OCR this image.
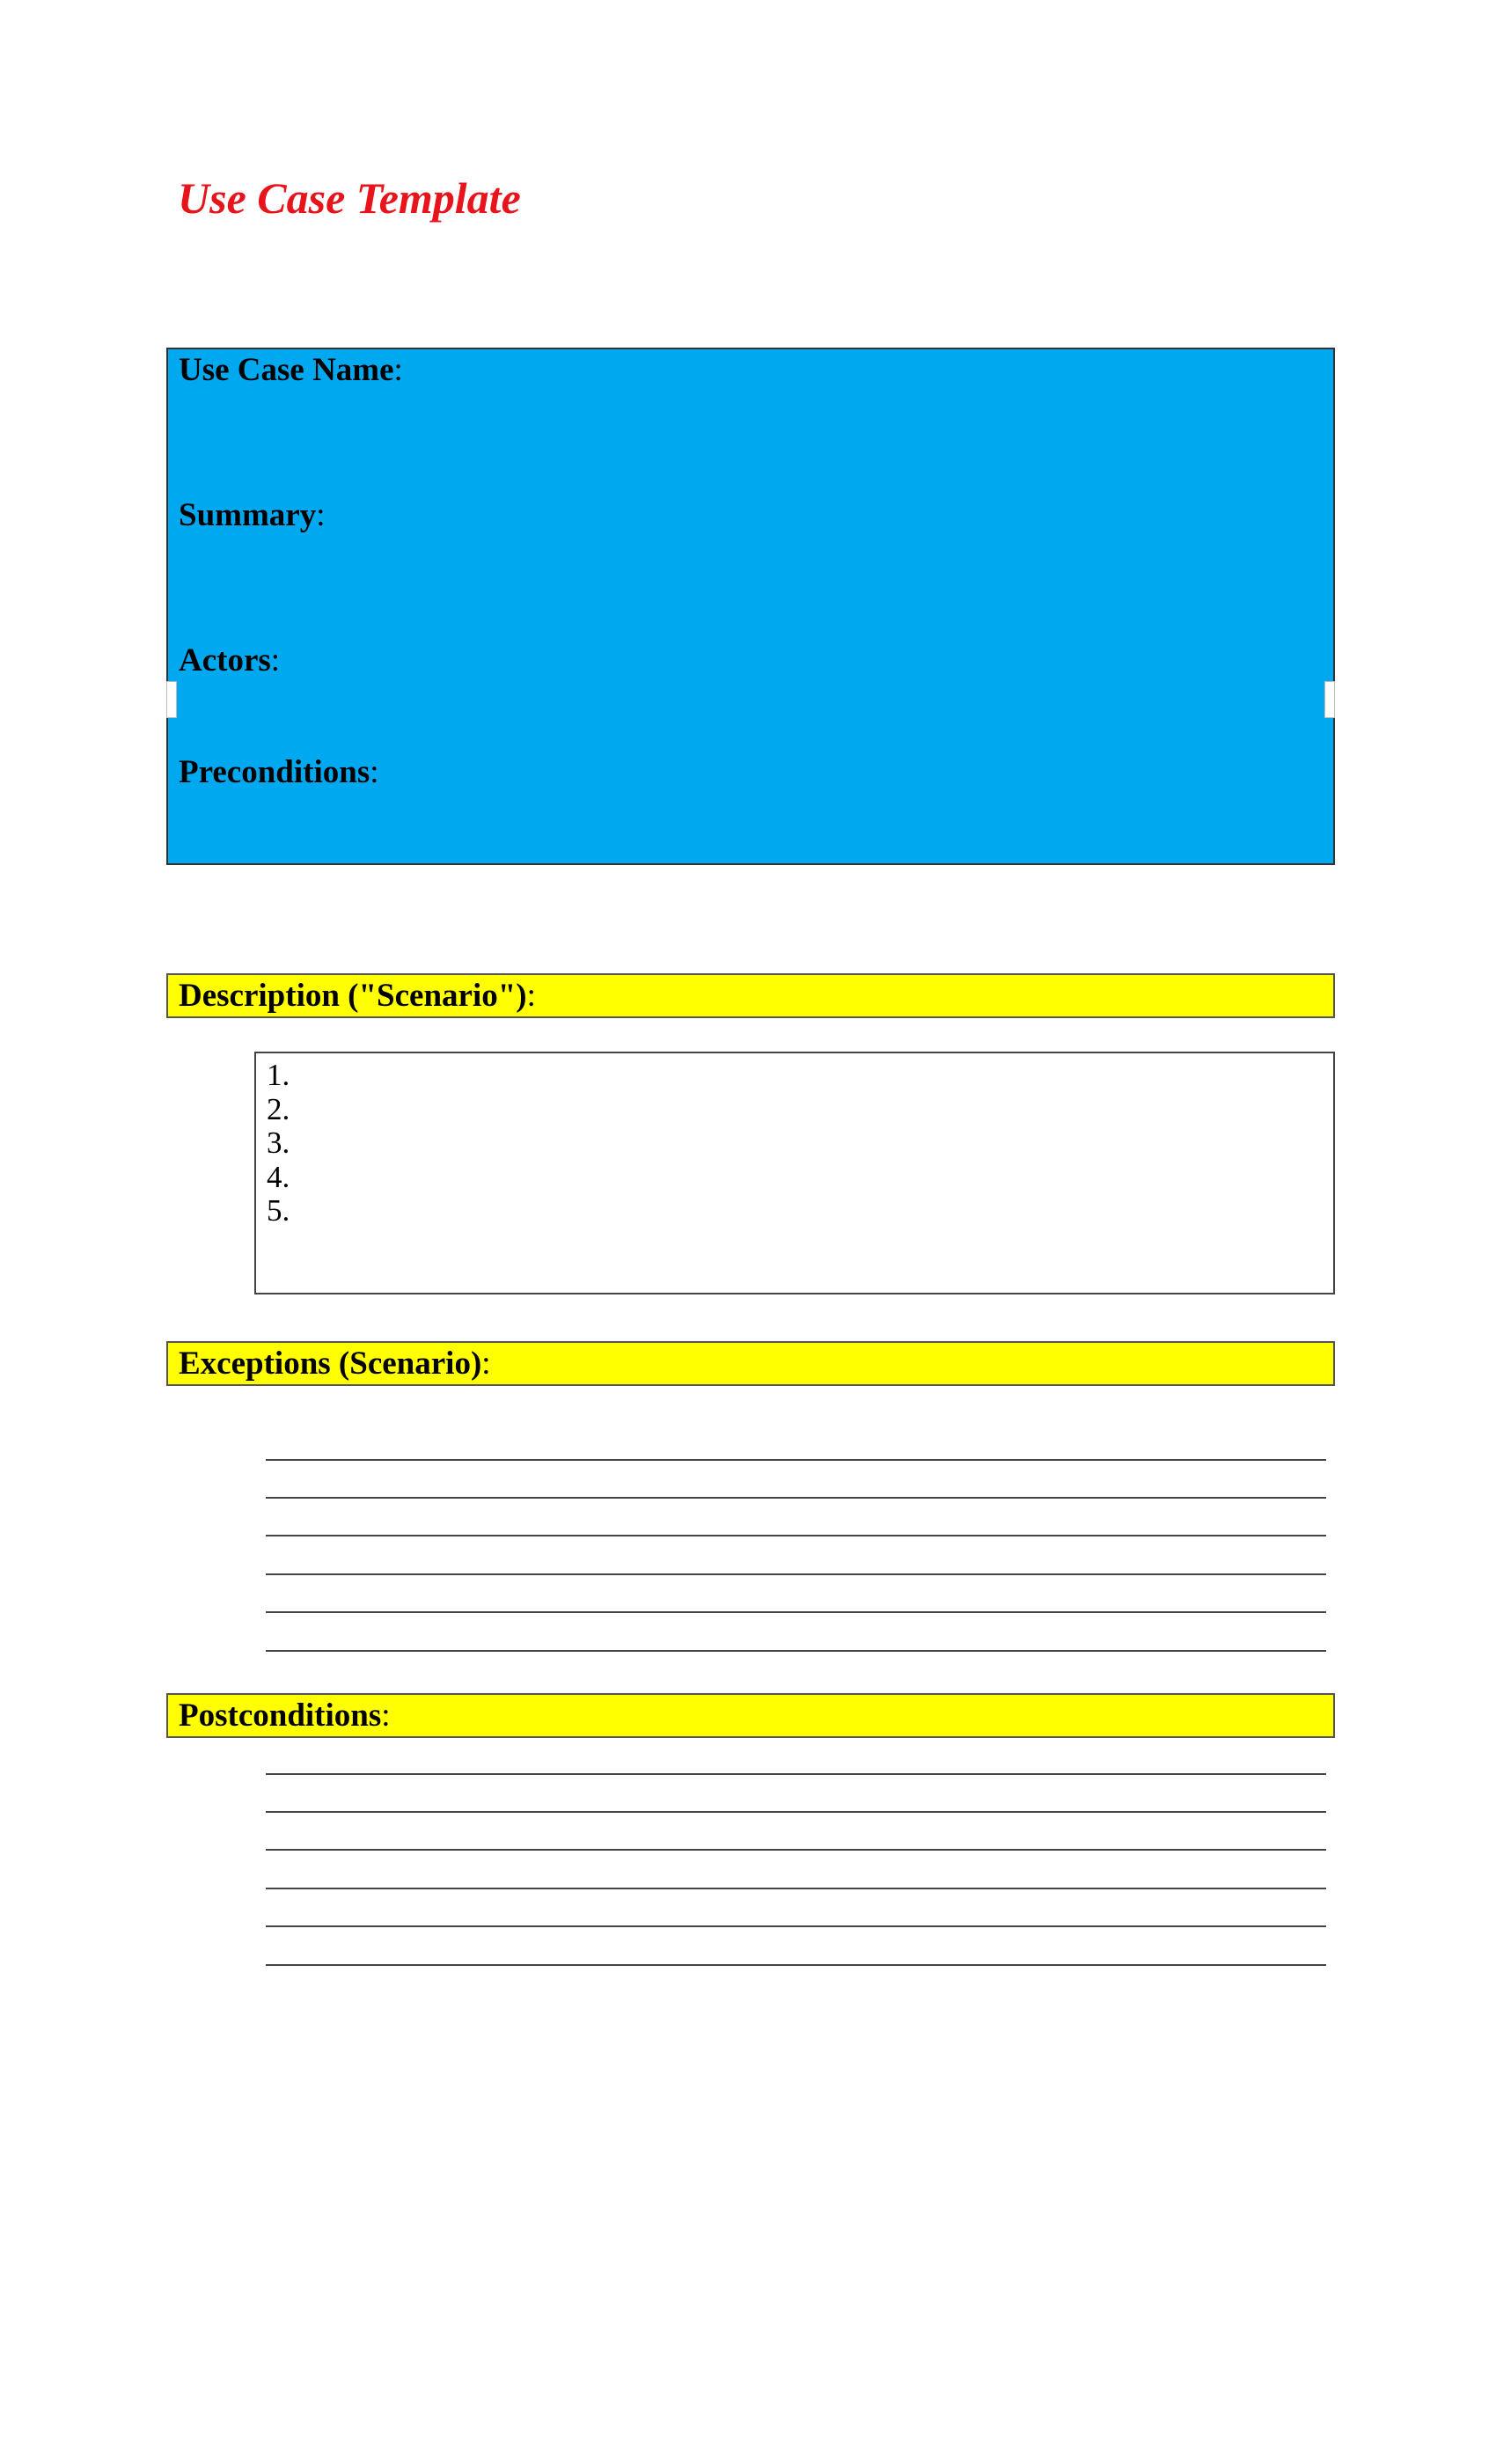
Use Case Template

Use Case Name:

Summary:

Actors:

Preconditions:

Description ("Scenario"):
1.
2.
3.
4.
5.
Exceptions (Scenario):
Postconditions:
